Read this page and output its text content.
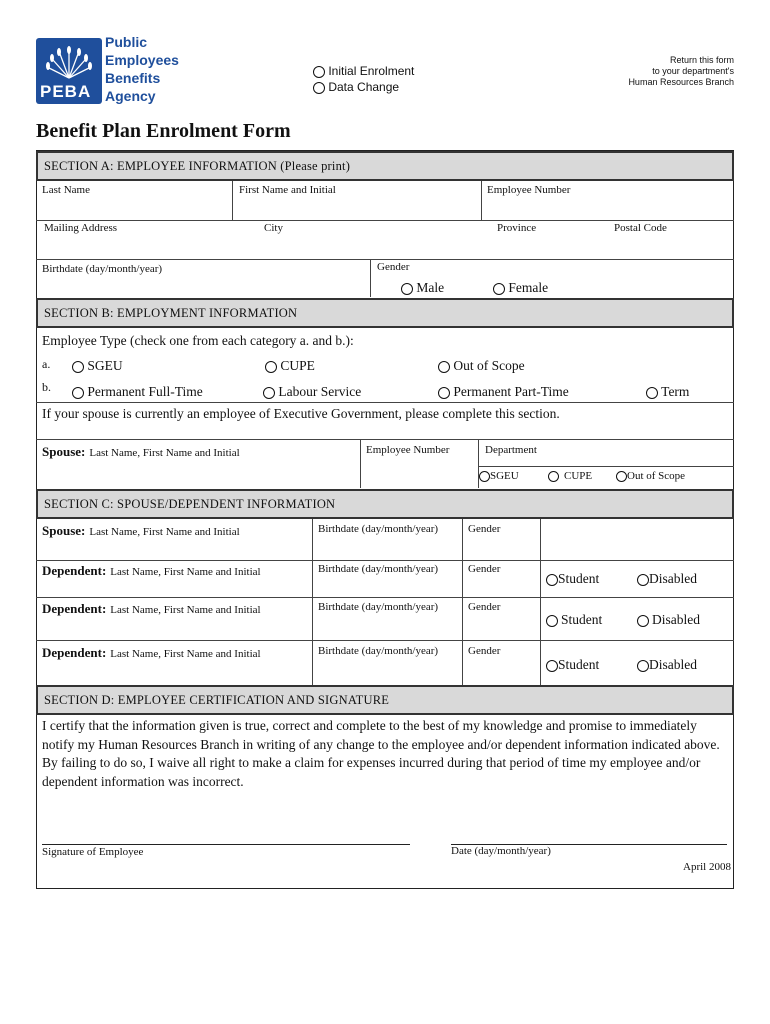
PEBA
Public
Employees
Benefits
Agency
Initial Enrolment
Data Change
Return this form
to your department's
Human Resources Branch
Benefit Plan Enrolment Form
SECTION A: EMPLOYEE INFORMATION (Please print)
Last Name	First Name and Initial	Employee Number
Mailing Address	City	Province	Postal Code
Birthdate (day/month/year)	Gender
Male	Female
SECTION B: EMPLOYMENT INFORMATION
Employee Type (check one from each category a. and b.):
a.	SGEU	CUPE	Out of Scope
b.	Permanent Full-Time	Labour Service	Permanent Part-Time	Term
If your spouse is currently an employee of Executive Government, please complete this section.
Spouse: Last Name, First Name and Initial	Employee Number	Department
SGEU	CUPE	Out of Scope
SECTION C: SPOUSE/DEPENDENT INFORMATION
Spouse: Last Name, First Name and Initial	Birthdate (day/month/year)	Gender
Dependent: Last Name, First Name and Initial	Birthdate (day/month/year)	Gender
Student	Disabled
Dependent: Last Name, First Name and Initial	Birthdate (day/month/year)	Gender
Student	Disabled
Dependent: Last Name, First Name and Initial	Birthdate (day/month/year)	Gender
Student	Disabled
SECTION D: EMPLOYEE CERTIFICATION AND SIGNATURE
I certify that the information given is true, correct and complete to the best of my knowledge and promise to immediately notify my Human Resources Branch in writing of any change to the employee and/or dependent information indicated above.
By failing to do so, I waive all right to make a claim for expenses incurred during that period of time my employee and/or dependent information was incorrect.
Signature of Employee	Date (day/month/year)
April 2008
